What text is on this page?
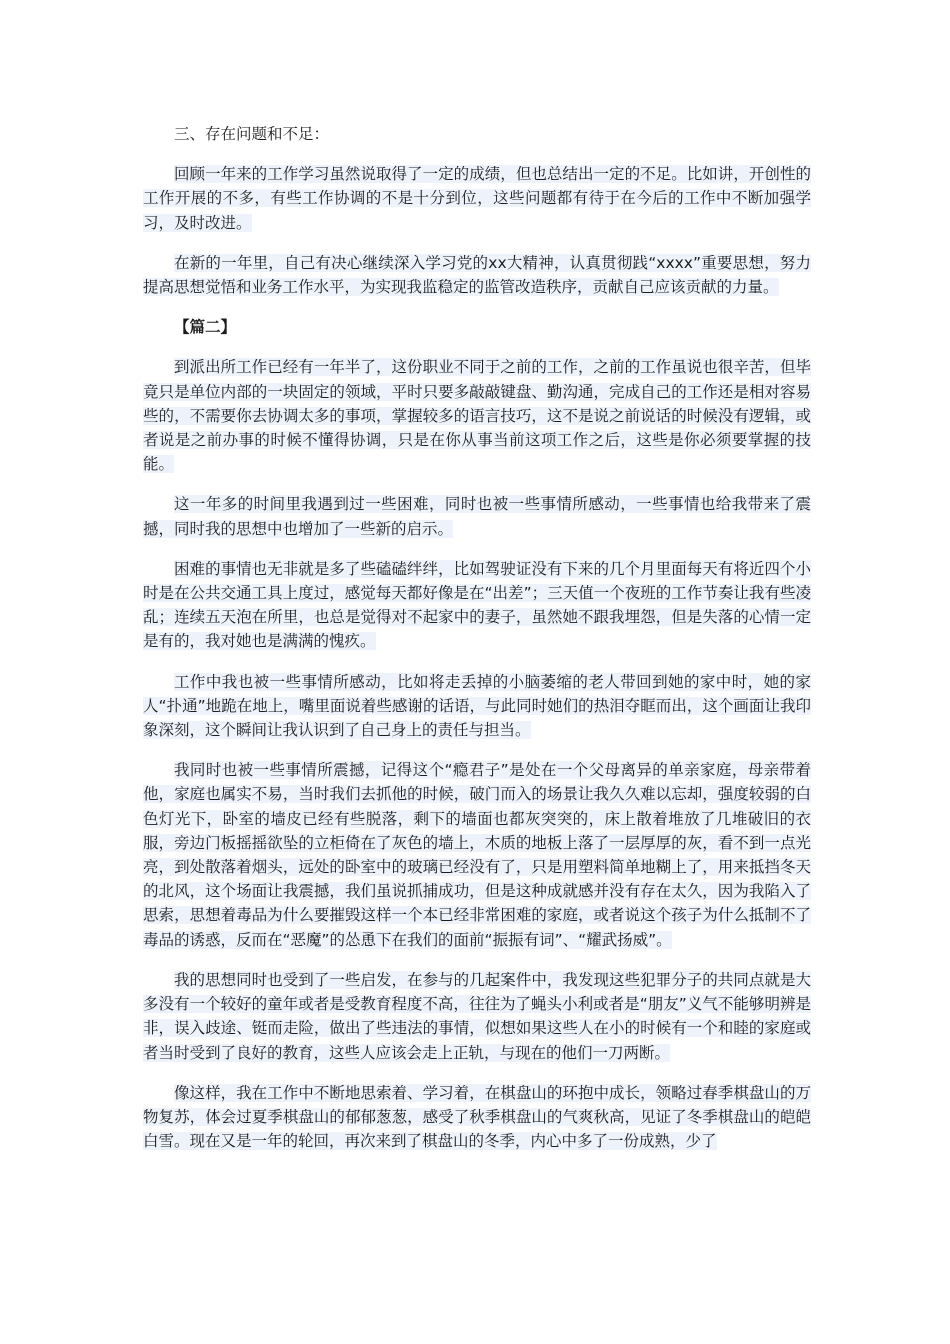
三、存在问题和不足：

回顾一年来的工作学习虽然说取得了一定的成绩，但也总结出一定的不足。比如讲，开创性的工作开展的不多，有些工作协调的不是十分到位，这些问题都有待于在今后的工作中不断加强学习，及时改进。

在新的一年里，自己有决心继续深入学习党的xx大精神，认真贯彻践“xxxx”重要思想，努力提高思想觉悟和业务工作水平，为实现我监稳定的监管改造秩序，贡献自己应该贡献的力量。

【篇二】

到派出所工作已经有一年半了，这份职业不同于之前的工作，之前的工作虽说也很辛苦，但毕竟只是单位内部的一块固定的领域，平时只要多敲敲键盘、勤沟通，完成自己的工作还是相对容易些的，不需要你去协调太多的事项，掌握较多的语言技巧，这不是说之前说话的时候没有逻辑，或者说是之前办事的时候不懂得协调，只是在你从事当前这项工作之后，这些是你必须要掌握的技能。

这一年多的时间里我遇到过一些困难，同时也被一些事情所感动，一些事情也给我带来了震撼，同时我的思想中也增加了一些新的启示。

困难的事情也无非就是多了些磕磕绊绊，比如驾驶证没有下来的几个月里面每天有将近四个小时是在公共交通工具上度过，感觉每天都好像是在“出差”；三天值一个夜班的工作节奏让我有些凌乱；连续五天泡在所里，也总是觉得对不起家中的妻子，虽然她不跟我埋怨，但是失落的心情一定是有的，我对她也是满满的愧疚。

工作中我也被一些事情所感动，比如将走丢掉的小脑萎缩的老人带回到她的家中时，她的家人“扑通”地跪在地上，嘴里面说着些感谢的话语，与此同时她们的热泪夺眶而出，这个画面让我印象深刻，这个瞬间让我认识到了自己身上的责任与担当。

我同时也被一些事情所震撼，记得这个“瘾君子”是处在一个父母离异的单亲家庭，母亲带着他，家庭也属实不易，当时我们去抓他的时候，破门而入的场景让我久久难以忘却，强度较弱的白色灯光下，卧室的墙皮已经有些脱落，剩下的墙面也都灰突突的，床上散着堆放了几堆破旧的衣服，旁边门板摇摇欲坠的立柜倚在了灰色的墙上，木质的地板上落了一层厚厚的灰，看不到一点光亮，到处散落着烟头，远处的卧室中的玻璃已经没有了，只是用塑料简单地糊上了，用来抵挡冬天的北风，这个场面让我震撼，我们虽说抓捕成功，但是这种成就感并没有存在太久，因为我陷入了思索，思想着毒品为什么要摧毁这样一个本已经非常困难的家庭，或者说这个孩子为什么抵制不了毒品的诱惑，反而在“恶魔”的怂恿下在我们的面前“振振有词”、“耀武扬威”。

我的思想同时也受到了一些启发，在参与的几起案件中，我发现这些犯罪分子的共同点就是大多没有一个较好的童年或者是受教育程度不高，往往为了蝇头小利或者是“朋友”义气不能够明辨是非，误入歧途、铤而走险，做出了些违法的事情，似想如果这些人在小的时候有一个和睦的家庭或者当时受到了良好的教育，这些人应该会走上正轨，与现在的他们一刀两断。

像这样，我在工作中不断地思索着、学习着，在棋盘山的环抱中成长，领略过春季棋盘山的万物复苏，体会过夏季棋盘山的郁郁葱葱，感受了秋季棋盘山的气爽秋高，见证了冬季棋盘山的皑皑白雪。现在又是一年的轮回，再次来到了棋盘山的冬季，内心中多了一份成熟，少了
